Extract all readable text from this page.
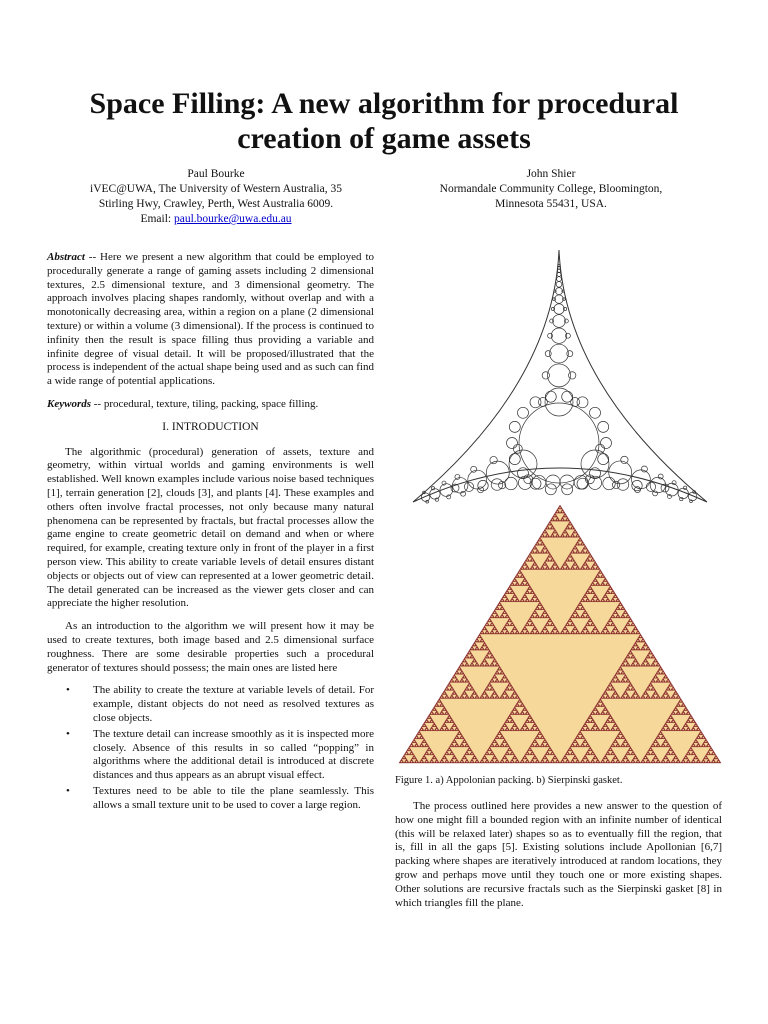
Space Filling: A new algorithm for procedural
creation of game assets
Paul Bourke
iVEC@UWA, The University of Western Australia, 35
Stirling Hwy, Crawley, Perth, West Australia 6009.
Email: paul.bourke@uwa.edu.au
John Shier
Normandale Community College, Bloomington,
Minnesota 55431, USA.

Abstract -- Here we present a new algorithm that could be employed to procedurally generate a range of gaming assets including 2 dimensional textures, 2.5 dimensional texture, and 3 dimensional geometry. The approach involves placing shapes randomly, without overlap and with a monotonically decreasing area, within a region on a plane (2 dimensional texture) or within a volume (3 dimensional). If the process is continued to infinity then the result is space filling thus providing a variable and infinite degree of visual detail. It will be proposed/illustrated that the process is independent of the actual shape being used and as such can find a wide range of potential applications.

Keywords -- procedural, texture, tiling, packing, space filling.

I. INTRODUCTION

The algorithmic (procedural) generation of assets, texture and geometry, within virtual worlds and gaming environments is well established. Well known examples include various noise based techniques [1], terrain generation [2], clouds [3], and plants [4]. These examples and others often involve fractal processes, not only because many natural phenomena can be represented by fractals, but fractal processes allow the game engine to create geometric detail on demand and when or where required, for example, creating texture only in front of the player in a first person view. This ability to create variable levels of detail ensures distant objects or objects out of view can represented at a lower geometric detail. The detail generated can be increased as the viewer gets closer and can appreciate the higher resolution.

As an introduction to the algorithm we will present how it may be used to create textures, both image based and 2.5 dimensional surface roughness. There are some desirable properties such a procedural generator of textures should possess; the main ones are listed here

• The ability to create the texture at variable levels of detail. For example, distant objects do not need as resolved textures as close objects.
• The texture detail can increase smoothly as it is inspected more closely. Absence of this results in so called “popping” in algorithms where the additional detail is introduced at discrete distances and thus appears as an abrupt visual effect.
• Textures need to be able to tile the plane seamlessly. This allows a small texture unit to be used to cover a large region.
Figure 1. a) Appolonian packing. b) Sierpinski gasket.

The process outlined here provides a new answer to the question of how one might fill a bounded region with an infinite number of identical (this will be relaxed later) shapes so as to eventually fill the region, that is, fill in all the gaps [5]. Existing solutions include Apollonian [6,7] packing where shapes are iteratively introduced at random locations, they grow and perhaps move until they touch one or more existing shapes. Other solutions are recursive fractals such as the Sierpinski gasket [8] in which triangles fill the plane.
